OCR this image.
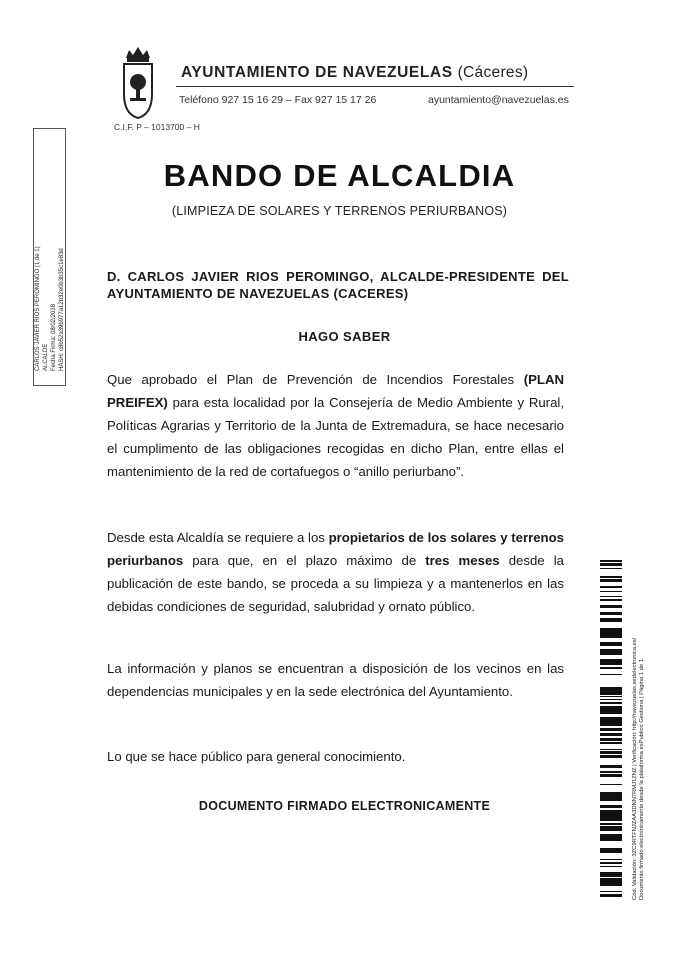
AYUNTAMIENTO DE NAVEZUELAS (Cáceres)
Teléfono 927 15 16 29 – Fax 927 15 17 26	ayuntamiento@navezuelas.es
C.I.F. P – 1013700 – H
CARLOS JAVIER RIOS PEROMINGO (1 de 1) ALCALDE Fecha Firma: 08/02/2018 HASH: c8b52a39b977a12b32e0b3b35c1e83d
BANDO DE ALCALDIA
(LIMPIEZA DE SOLARES Y TERRENOS PERIURBANOS)
D. CARLOS JAVIER RIOS PEROMINGO, ALCALDE-PRESIDENTE DEL AYUNTAMIENTO DE NAVEZUELAS (CACERES)
HAGO SABER
Que aprobado el Plan de Prevención de Incendios Forestales (PLAN PREIFEX) para esta localidad por la Consejería de Medio Ambiente y Rural, Políticas Agrarias y Territorio de la Junta de Extremadura, se hace necesario el cumplimento de las obligaciones recogidas en dicho Plan, entre ellas el mantenimiento de la red de cortafuegos o “anillo periurbano”.
Desde esta Alcaldía se requiere a los propietarios de los solares y terrenos periurbanos para que, en el plazo máximo de tres meses desde la publicación de este bando, se proceda a su limpieza y a mantenerlos en las debidas condiciones de seguridad, salubridad y ornato público.
La información y planos se encuentran a disposición de los vecinos en las dependencias municipales y en la sede electrónica del Ayuntamiento.
Lo que se hace público para general conocimiento.
DOCUMENTO FIRMADO ELECTRONICAMENTE	Cód. Validación: 3ZC9RTFNJZAA3DNN7RMJ1ZNZ | Verificación: http://navezuelas.sedelectronica.es/ Documento firmado electrónicamente desde la plataforma esPublico Gestiona | Página 1 de 1
